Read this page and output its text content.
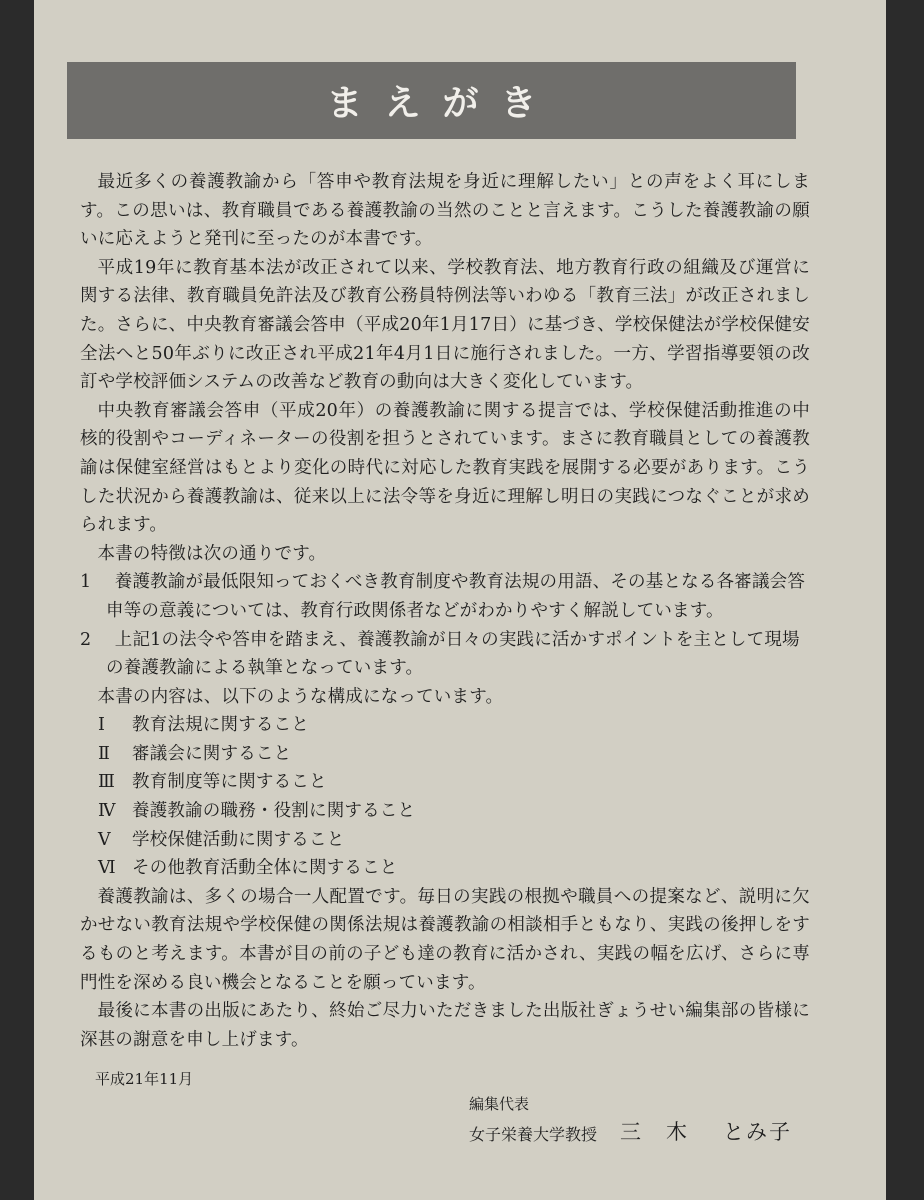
まえがき

最近多くの養護教諭から「答申や教育法規を身近に理解したい」との声をよく耳にします。この思いは、教育職員である養護教諭の当然のことと言えます。こうした養護教諭の願いに応えようと発刊に至ったのが本書です。

平成19年に教育基本法が改正されて以来、学校教育法、地方教育行政の組織及び運営に関する法律、教育職員免許法及び教育公務員特例法等いわゆる「教育三法」が改正されました。さらに、中央教育審議会答申（平成20年1月17日）に基づき、学校保健法が学校保健安全法へと50年ぶりに改正され平成21年4月1日に施行されました。一方、学習指導要領の改訂や学校評価システムの改善など教育の動向は大きく変化しています。

中央教育審議会答申（平成20年）の養護教諭に関する提言では、学校保健活動推進の中核的役割やコーディネーターの役割を担うとされています。まさに教育職員としての養護教諭は保健室経営はもとより変化の時代に対応した教育実践を展開する必要があります。こうした状況から養護教諭は、従来以上に法令等を身近に理解し明日の実践につなぐことが求められます。

本書の特徴は次の通りです。

1	養護教諭が最低限知っておくべき教育制度や教育法規の用語、その基となる各審議会答申等の意義については、教育行政関係者などがわかりやすく解説しています。
2	上記1の法令や答申を踏まえ、養護教諭が日々の実践に活かすポイントを主として現場の養護教諭による執筆となっています。

本書の内容は、以下のような構成になっています。

Ⅰ	教育法規に関すること
Ⅱ	審議会に関すること
Ⅲ 教育制度等に関すること
Ⅳ 養護教諭の職務・役割に関すること
Ⅴ	学校保健活動に関すること
Ⅵ その他教育活動全体に関すること

養護教諭は、多くの場合一人配置です。毎日の実践の根拠や職員への提案など、説明に欠かせない教育法規や学校保健の関係法規は養護教諭の相談相手ともなり、実践の後押しをするものと考えます。本書が目の前の子ども達の教育に活かされ、実践の幅を広げ、さらに専門性を深める良い機会となることを願っています。

最後に本書の出版にあたり、終始ご尽力いただきました出版社ぎょうせい編集部の皆様に深甚の謝意を申し上げます。

平成21年11月
編集代表
女子栄養大学教授 三　木 とみ子
